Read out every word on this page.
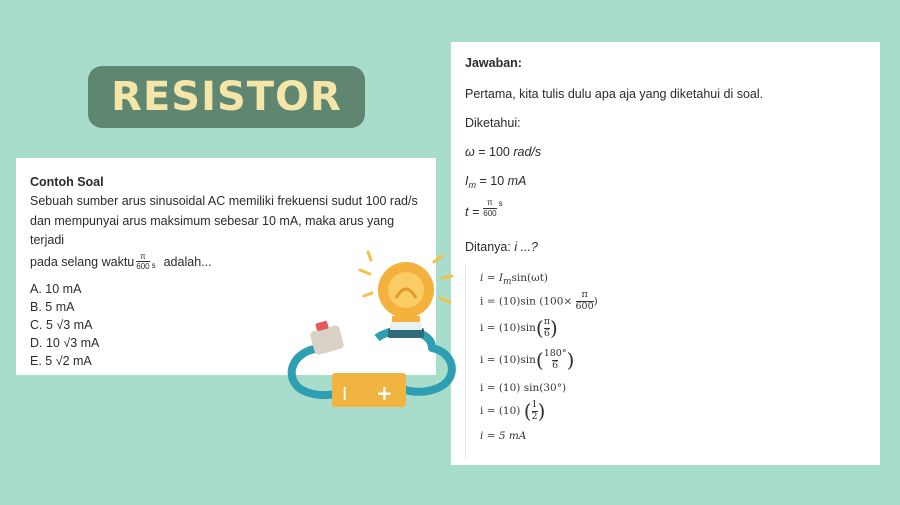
RESISTOR
Contoh Soal
Sebuah sumber arus sinusoidal AC memiliki frekuensi sudut 100 rad/s
dan mempunyai arus maksimum sebesar 10 mA, maka arus yang terjadi
pada selang waktu $\frac{\pi}{600}$ s adalah...
A. 10 mA
B. 5 mA
C. 5 √3 mA
D. 10 √3 mA
E. 5 √2 mA
Jawaban:
Pertama, kita tulis dulu apa aja yang diketahui di soal.
Diketahui:
ω = 100 rad/s
$I_m = 10$ mA
$t = \frac{\pi}{600}$ s
Ditanya: i ...?
i = Imsin(ωt)
i = (10)sin ($100\times \frac{\pi}{600}$ )
$i = (10)\sin( \frac{\pi}{6}$ )
$i = (10)\sin( \frac{180^\circ}{6}$ )
i = (10) sin(30°)
i = (10) ( $\frac{1}{2}$ )
i = 5 mA
I +
